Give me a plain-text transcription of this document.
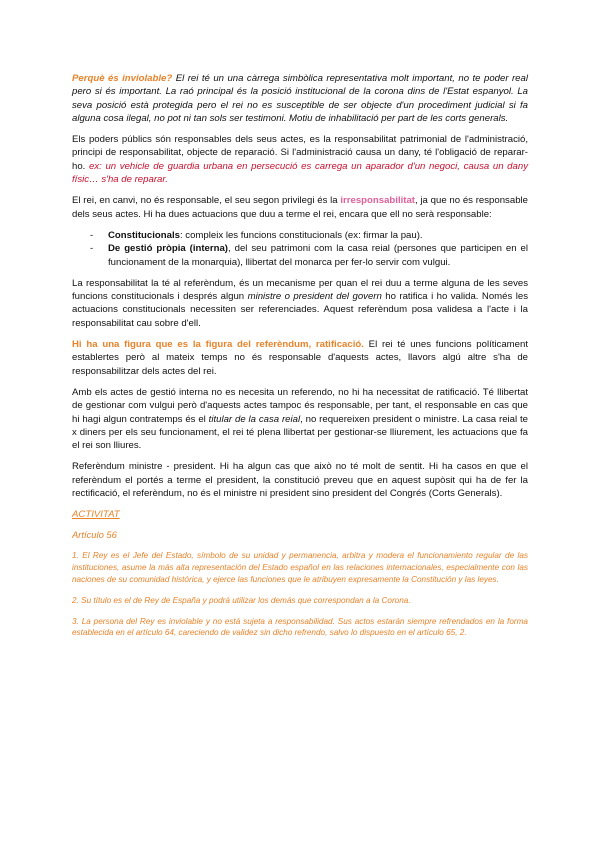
Perquè és inviolable? El rei té un una càrrega simbòlica representativa molt important, no te poder real pero si és important. La raó principal és la posició institucional de la corona dins de l'Estat espanyol. La seva posició està protegida pero el rei no es susceptible de ser objecte d'un procediment judicial si fa alguna cosa ilegal, no pot ni tan sols ser testimoni. Motiu de inhabilitació per part de les corts generals.

Els poders públics són responsables dels seus actes, es la responsabilitat patrimonial de l'administració, principi de responsabilitat, objecte de reparació. Si l'administració causa un dany, té l'obligació de reparar-ho. ex: un vehicle de guardia urbana en persecució es carrega un aparador d'un negoci, causa un dany físic… s'ha de reparar.

El rei, en canvi, no és responsable, el seu segon privilegi és la irresponsabilitat, ja que no és responsable dels seus actes. Hi ha dues actuacions que duu a terme el rei, encara que ell no serà responsable:

- Constitucionals: compleix les funcions constitucionals (ex: firmar la pau).
- De gestió pròpia (interna), del seu patrimoni com la casa reial (persones que participen en el funcionament de la monarquia), llibertat del monarca per fer-lo servir com vulgui.

La responsabilitat la té al referèndum, és un mecanisme per quan el rei duu a terme alguna de les seves funcions constitucionals i després algun ministre o president del govern ho ratifica i ho valida. Només les actuacions constitucionals necessiten ser referenciades. Aquest referèndum posa validesa a l'acte i la responsabilitat cau sobre d'ell.

Hi ha una figura que es la figura del referèndum, ratificació. El rei té unes funcions políticament establertes però al mateix temps no és responsable d'aquests actes, llavors algú altre s'ha de responsabilitzar dels actes del rei.

Amb els actes de gestió interna no es necesita un referendo, no hi ha necessitat de ratificació. Té llibertat de gestionar com vulgui però d'aquests actes tampoc és responsable, per tant, el responsable en cas que hi hagi algun contratemps és el titular de la casa reial, no requereixen president o ministre. La casa reial te x diners per els seu funcionament, el rei té plena llibertat per gestionar-se lliurement, les actuacions que fa el rei son lliures.

Referèndum ministre - president. Hi ha algun cas que això no té molt de sentit. Hi ha casos en que el referèndum el portés a terme el president, la constitució preveu que en aquest supòsit qui ha de fer la rectificació, el referèndum, no és el ministre ni president sino president del Congrés (Corts Generals).

ACTIVITAT
Artículo 56
1. El Rey es el Jefe del Estado, símbolo de su unidad y permanencia, arbitra y modera el funcionamiento regular de las instituciones, asume la más alta representación del Estado español en las relaciones internacionales, especialmente con las naciones de su comunidad histórica, y ejerce las funciones que le atribuyen expresamente la Constitución y las leyes.
2. Su título es el de Rey de España y podrá utilizar los demás que correspondan a la Corona.
3. La persona del Rey es inviolable y no está sujeta a responsabilidad. Sus actos estarán siempre refrendados en la forma establecida en el artículo 64, careciendo de validez sin dicho refrendo, salvo lo dispuesto en el artículo 65, 2.
